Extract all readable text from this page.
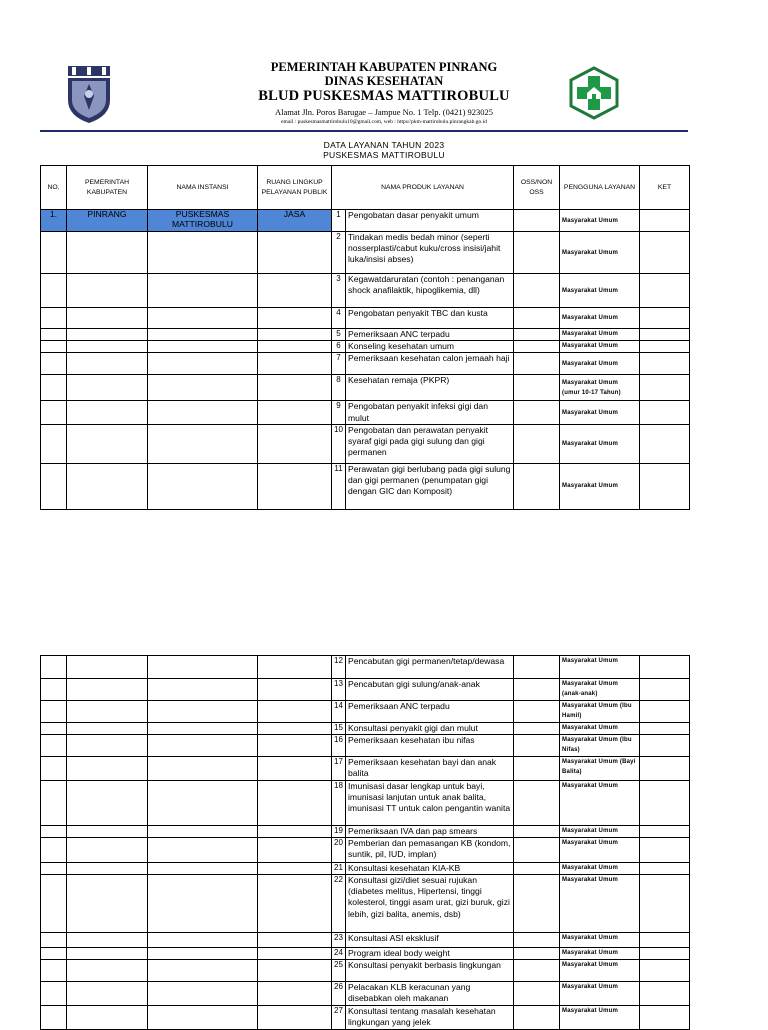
PEMERINTAH KABUPATEN PINRANG
DINAS KESEHATAN
BLUD PUSKESMAS MATTIROBULU
Alamat Jln. Poros Barugae – Jampue No. 1 Telp. (0421) 923025
email : puskesmasmattirobulu10@gmail.com, web : https//pkm-mattirobulu.pinrangkab.go.id
DATA LAYANAN TAHUN 2023
PUSKESMAS MATTIROBULU
NO.	PEMERINTAH KABUPATEN	NAMA INSTANSI	RUANG LINGKUP PELAYANAN PUBLIK	NAMA PRODUK LAYANAN		OSS/NON OSS	PENGGUNA LAYANAN	KET
1.	PINRANG	PUSKESMAS MATTIROBULU	JASA	1	Pengobatan dasar penyakit umum		Masyarakat Umum	
				2	Tindakan medis bedah minor (seperti nosserplasti/cabut kuku/cross insisi/jahit luka/insisi abses)		Masyarakat Umum	
				3	Kegawatdaruratan (contoh : penanganan shock anafilaktik, hipoglikemia, dll)		Masyarakat Umum	
				4	Pengobatan penyakit TBC dan kusta		Masyarakat Umum	
				5	Pemeriksaan ANC terpadu		Masyarakat Umum	
				6	Konseling kesehatan umum		Masyarakat Umum	
				7	Pemeriksaan kesehatan calon jemaah haji		Masyarakat Umum	
				8	Kesehatan remaja (PKPR)		Masyarakat Umum (umur 10-17 Tahun)	
				9	Pengobatan penyakit infeksi gigi dan mulut		Masyarakat Umum	
				10	Pengobatan dan perawatan penyakit syaraf gigi pada gigi sulung dan gigi permanen		Masyarakat Umum	
				11	Perawatan gigi berlubang pada gigi sulung dan gigi permanen (penumpatan gigi dengan GIC dan Komposit)		Masyarakat Umum	
				12	Pencabutan gigi permanen/tetap/dewasa		Masyarakat Umum	
				13	Pencabutan gigi sulung/anak-anak		Masyarakat Umum (anak-anak)	
				14	Pemeriksaan ANC terpadu		Masyarakat Umum (Ibu Hamil)	
				15	Konsultasi penyakit gigi dan mulut		Masyarakat Umum	
				16	Pemeriksaan kesehatan ibu nifas		Masyarakat Umum (Ibu Nifas)	
				17	Pemeriksaan kesehatan bayi dan anak balita		Masyarakat Umum (Bayi Balita)	
				18	Imunisasi dasar lengkap untuk bayi, imunisasi lanjutan untuk anak balita, imunisasi TT untuk calon pengantin wanita		Masyarakat Umum	
				19	Pemeriksaan IVA dan pap smears		Masyarakat Umum	
				20	Pemberian dan pemasangan KB (kondom, suntik, pil, IUD, implan)		Masyarakat Umum	
				21	Konsultasi kesehatan KIA-KB		Masyarakat Umum	
				22	Konsultasi gizi/diet sesuai rujukan (diabetes melitus, Hipertensi, tinggi kolesterol, tinggi asam urat, gizi buruk, gizi lebih, gizi balita, anemis, dsb)		Masyarakat Umum	
				23	Konsultasi ASI eksklusif		Masyarakat Umum	
				24	Program ideal body weight		Masyarakat Umum	
				25	Konsultasi penyakit berbasis lingkungan		Masyarakat Umum	
				26	Pelacakan KLB keracunan yang disebabkan oleh makanan		Masyarakat Umum	
				27	Konsultasi tentang masalah kesehatan lingkungan yang jelek		Masyarakat Umum	
